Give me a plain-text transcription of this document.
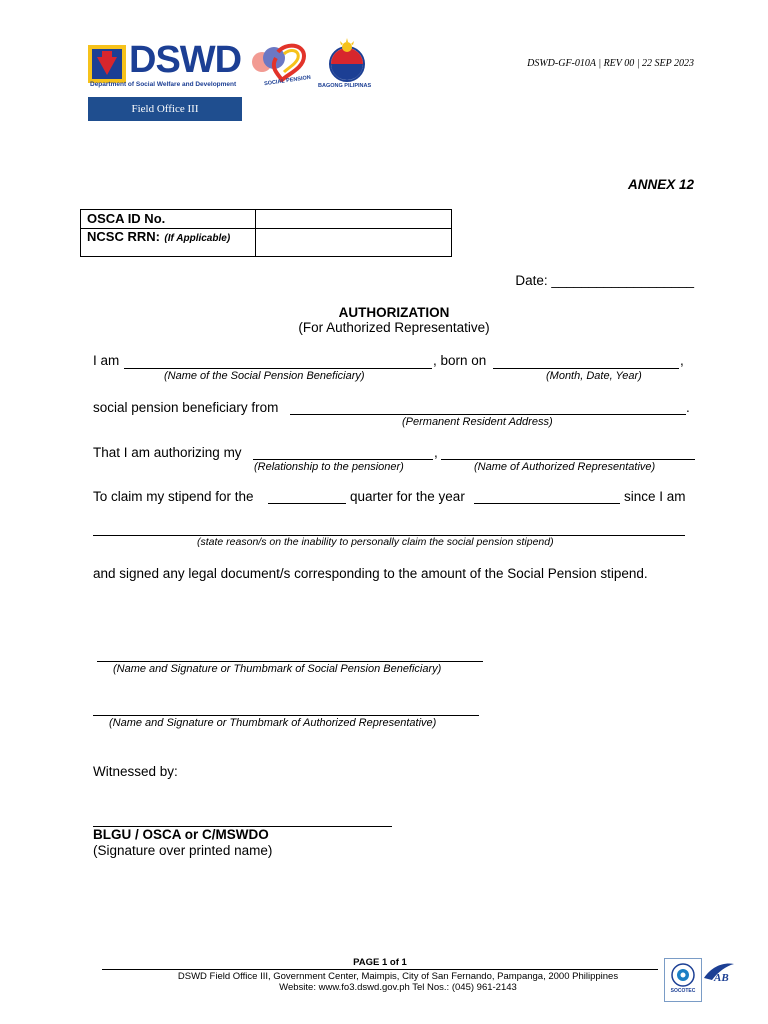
DSWD
Department of Social Welfare and Development	SOCIAL PENSION BAGONG PILIPINAS
Field Office III
DSWD-GF-010A | REV 00 | 22 SEP 2023
ANNEX 12
OSCA ID No.	
NCSC RRN: (If Applicable)	
Date: ___________________
AUTHORIZATION
(For Authorized Representative)
I am	, born on	,
(Name of the Social Pension Beneficiary)	(Month, Date, Year)
social pension beneficiary from	.
(Permanent Resident Address)
That I am authorizing my	,
(Relationship to the pensioner)	(Name of Authorized Representative)
To claim my stipend for the	quarter for the year	since I am
(state reason/s on the inability to personally claim the social pension stipend)
and signed any legal document/s corresponding to the amount of the Social Pension stipend.
(Name and Signature or Thumbmark of Social Pension Beneficiary)
(Name and Signature or Thumbmark of Authorized Representative)
Witnessed by:
BLGU / OSCA or C/MSWDO
(Signature over printed name)
PAGE 1 of 1
DSWD Field Office III, Government Center, Maimpis, City of San Fernando, Pampanga, 2000 Philippines
Website: www.fo3.dswd.gov.ph Tel Nos.: (045) 961-2143	SOCOTEC
AB
